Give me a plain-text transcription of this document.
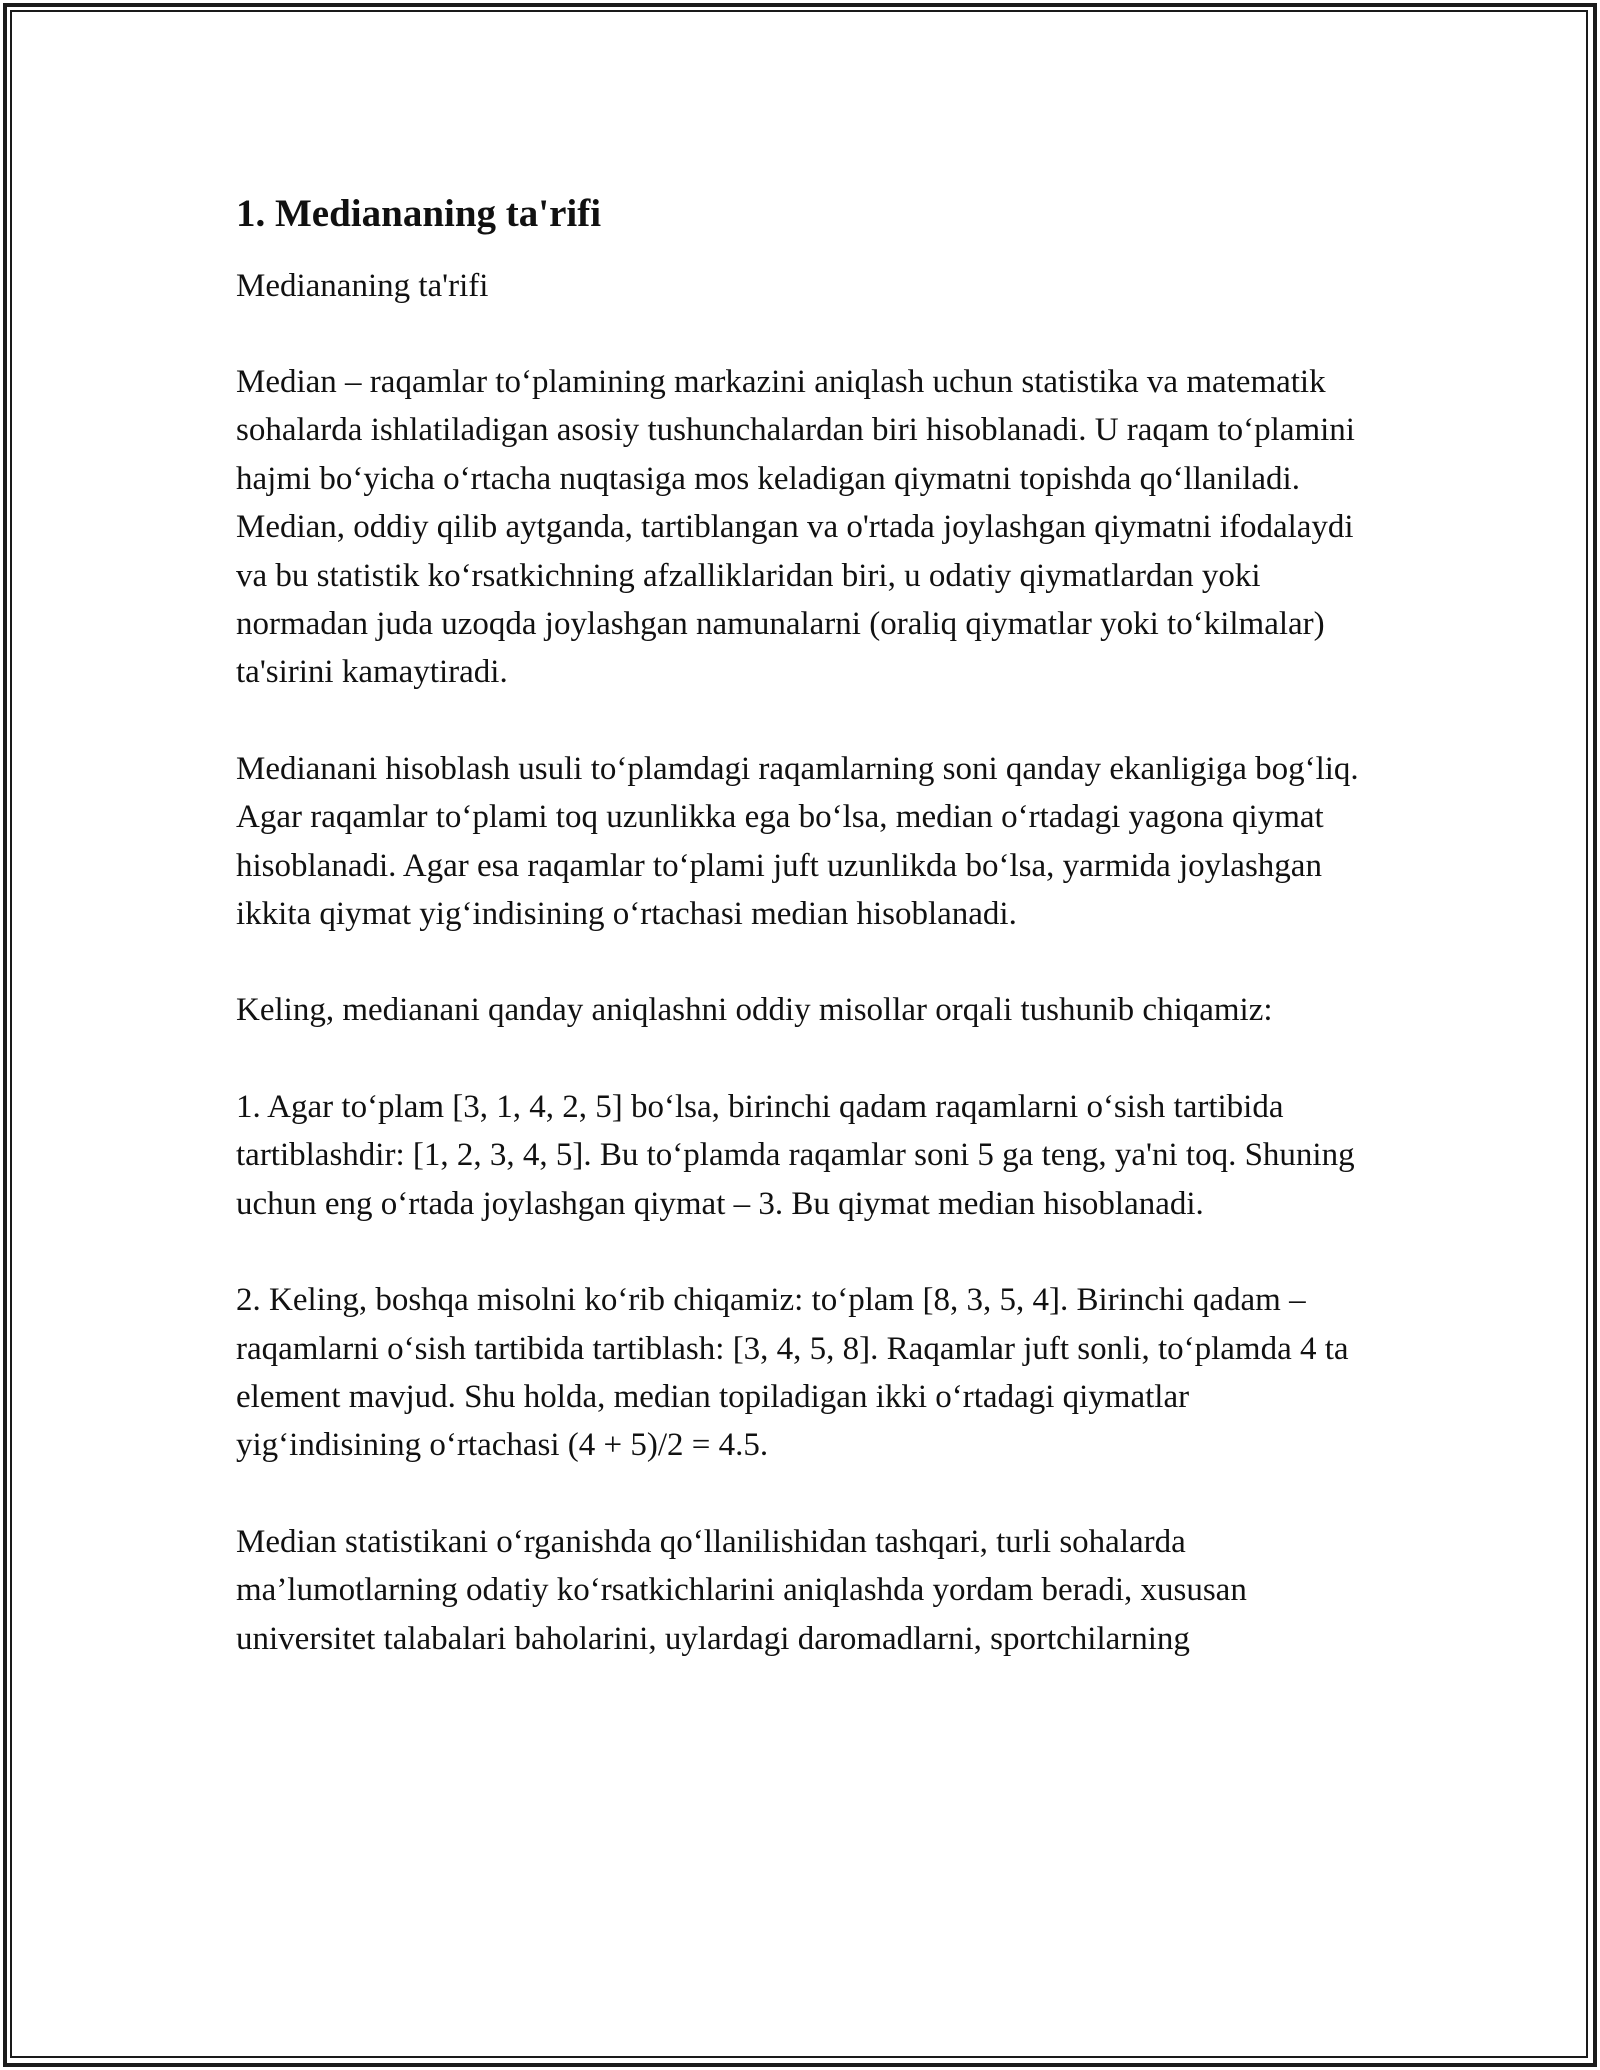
1. Mediananing ta'rifi

Mediananing ta'rifi

Median – raqamlar to‘plamining markazini aniqlash uchun statistika va matematik sohalarda ishlatiladigan asosiy tushunchalardan biri hisoblanadi. U raqam to‘plamini hajmi bo‘yicha o‘rtacha nuqtasiga mos keladigan qiymatni topishda qo‘llaniladi. Median, oddiy qilib aytganda, tartiblangan va o'rtada joylashgan qiymatni ifodalaydi va bu statistik ko‘rsatkichning afzalliklaridan biri, u odatiy qiymatlardan yoki normadan juda uzoqda joylashgan namunalarni (oraliq qiymatlar yoki to‘kilmalar) ta'sirini kamaytiradi.

Medianani hisoblash usuli to‘plamdagi raqamlarning soni qanday ekanligiga bog‘liq. Agar raqamlar to‘plami toq uzunlikka ega bo‘lsa, median o‘rtadagi yagona qiymat hisoblanadi. Agar esa raqamlar to‘plami juft uzunlikda bo‘lsa, yarmida joylashgan ikkita qiymat yig‘indisining o‘rtachasi median hisoblanadi.

Keling, medianani qanday aniqlashni oddiy misollar orqali tushunib chiqamiz:

1. Agar to‘plam [3, 1, 4, 2, 5] bo‘lsa, birinchi qadam raqamlarni o‘sish tartibida tartiblashdir: [1, 2, 3, 4, 5]. Bu to‘plamda raqamlar soni 5 ga teng, ya'ni toq. Shuning uchun eng o‘rtada joylashgan qiymat – 3. Bu qiymat median hisoblanadi.

2. Keling, boshqa misolni ko‘rib chiqamiz: to‘plam [8, 3, 5, 4]. Birinchi qadam – raqamlarni o‘sish tartibida tartiblash: [3, 4, 5, 8]. Raqamlar juft sonli, to‘plamda 4 ta element mavjud. Shu holda, median topiladigan ikki o‘rtadagi qiymatlar yig‘indisining o‘rtachasi (4 + 5)/2 = 4.5.

Median statistikani o‘rganishda qo‘llanilishidan tashqari, turli sohalarda ma’lumotlarning odatiy ko‘rsatkichlarini aniqlashda yordam beradi, xususan universitet talabalari baholarini, uylardagi daromadlarni, sportchilarning
